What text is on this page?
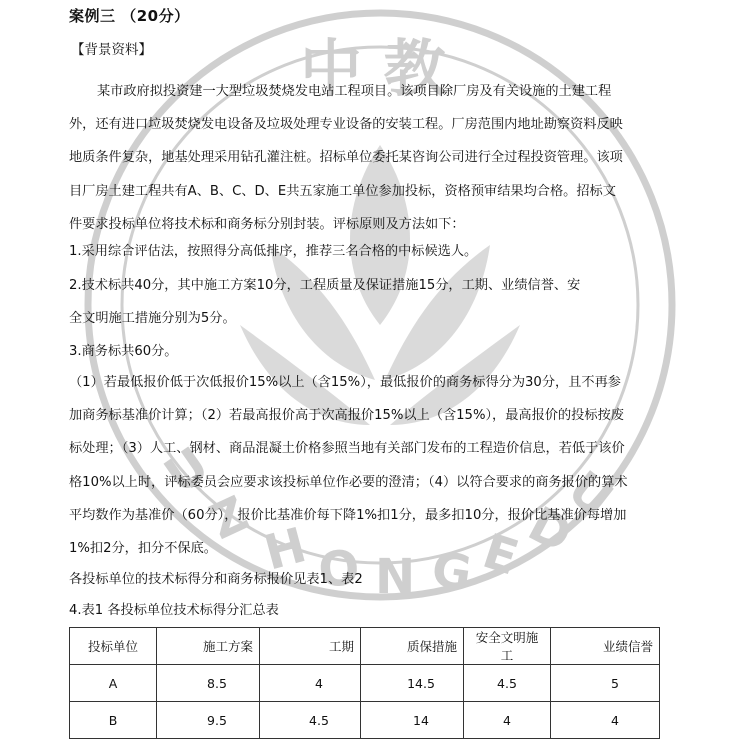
中 教
U
Z H O N G E
D
U
案例三 （20分）
【背景资料】
某市政府拟投资建一大型垃圾焚烧发电站工程项目。该项目除厂房及有关设施的土建工程外，还有进口垃圾焚烧发电设备及垃圾处理专业设备的安装工程。厂房范围内地址勘察资料反映地质条件复杂，地基处理采用钻孔灌注桩。招标单位委托某咨询公司进行全过程投资管理。该项目厂房土建工程共有A、B、C、D、E共五家施工单位参加投标，资格预审结果均合格。招标文件要求投标单位将技术标和商务标分别封装。评标原则及方法如下：
1.采用综合评估法，按照得分高低排序，推荐三名合格的中标候选人。
2.技术标共40分，其中施工方案10分，工程质量及保证措施15分，工期、业绩信誉、安
全文明施工措施分别为5分。
3.商务标共60分。
（1）若最低报价低于次低报价15%以上（含15%），最低报价的商务标得分为30分，且不再参加商务标基准价计算；（2）若最高报价高于次高报价15%以上（含15%），最高报价的投标按废标处理；（3）人工、钢材、商品混凝土价格参照当地有关部门发布的工程造价信息，若低于该价格10%以上时，评标委员会应要求该投标单位作必要的澄清；（4）以符合要求的商务报价的算术平均数作为基准价（60分），报价比基准价每下降1%扣1分，最多扣10分，报价比基准价每增加1%扣2分，扣分不保底。
各投标单位的技术标得分和商务标报价见表1、表2
4.表1 各投标单位技术标得分汇总表
投标单位	施工方案	工期	质保措施	安全文明施工	业绩信誉
A	8.5	4	14.5	4.5	5
B	9.5	4.5	14	4	4
